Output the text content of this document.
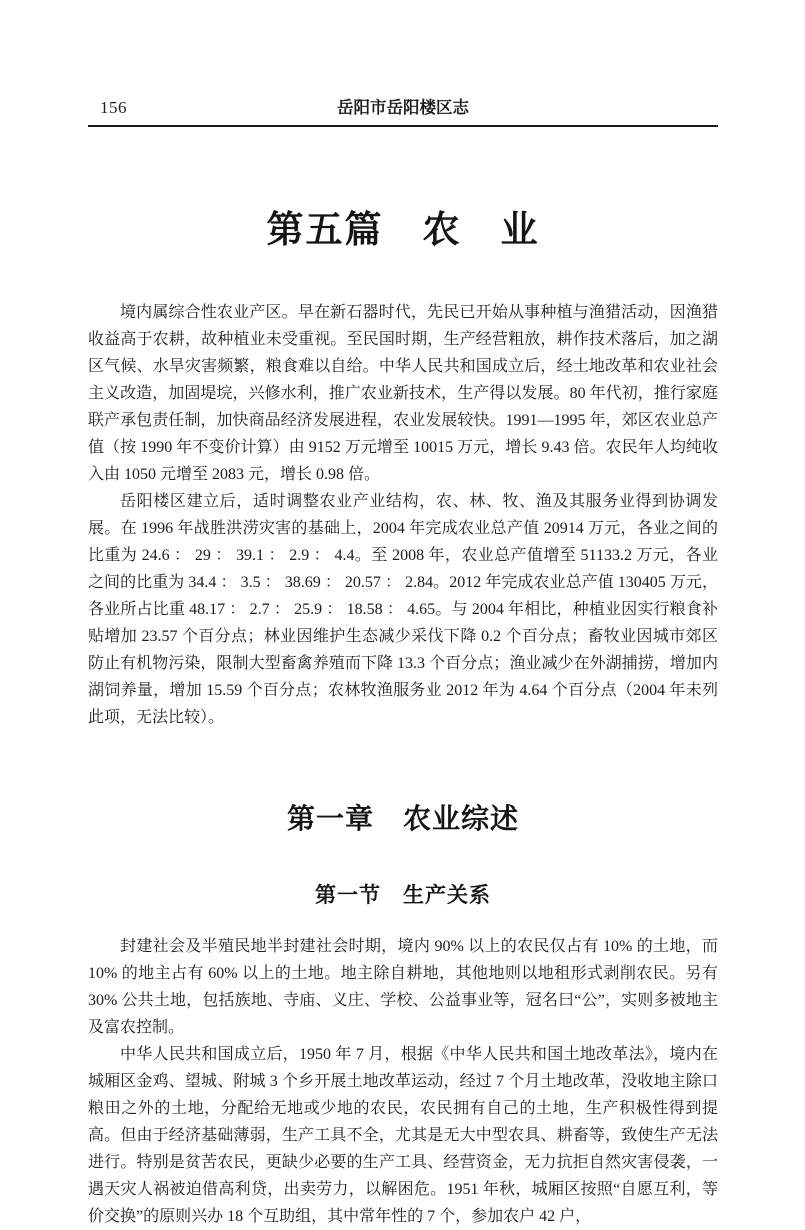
156	岳阳市岳阳楼区志
第五篇　农　业

境内属综合性农业产区。早在新石器时代，先民已开始从事种植与渔猎活动，因渔猎收益高于农耕，故种植业未受重视。至民国时期，生产经营粗放，耕作技术落后，加之湖区气候、水旱灾害频繁，粮食难以自给。中华人民共和国成立后，经土地改革和农业社会主义改造，加固堤垸，兴修水利，推广农业新技术，生产得以发展。80 年代初，推行家庭联产承包责任制，加快商品经济发展进程，农业发展较快。1991—1995 年，郊区农业总产值（按 1990 年不变价计算）由 9152 万元增至 10015 万元，增长 9.43 倍。农民年人均纯收入由 1050 元增至 2083 元，增长 0.98 倍。

岳阳楼区建立后，适时调整农业产业结构，农、林、牧、渔及其服务业得到协调发展。在 1996 年战胜洪涝灾害的基础上，2004 年完成农业总产值 20914 万元，各业之间的比重为 24.6 ： 29 ： 39.1 ： 2.9 ： 4.4。至 2008 年，农业总产值增至 51133.2 万元，各业之间的比重为 34.4 ： 3.5 ： 38.69 ： 20.57 ： 2.84。2012 年完成农业总产值 130405 万元，各业所占比重 48.17 ： 2.7 ： 25.9 ： 18.58 ： 4.65。与 2004 年相比，种植业因实行粮食补贴增加 23.57 个百分点；林业因维护生态减少采伐下降 0.2 个百分点；畜牧业因城市郊区防止有机物污染，限制大型畜禽养殖而下降 13.3 个百分点；渔业减少在外湖捕捞，增加内湖饲养量，增加 15.59 个百分点；农林牧渔服务业 2012 年为 4.64 个百分点（2004 年未列此项，无法比较）。

第一章　农业综述
第一节　生产关系

封建社会及半殖民地半封建社会时期，境内 90% 以上的农民仅占有 10% 的土地，而 10% 的地主占有 60% 以上的土地。地主除自耕地，其他地则以地租形式剥削农民。另有 30% 公共土地，包括族地、寺庙、义庄、学校、公益事业等，冠名曰“公”，实则多被地主及富农控制。

中华人民共和国成立后，1950 年 7 月，根据《中华人民共和国土地改革法》，境内在城厢区金鸡、望城、附城 3 个乡开展土地改革运动，经过 7 个月土地改革，没收地主除口粮田之外的土地，分配给无地或少地的农民，农民拥有自己的土地，生产积极性得到提高。但由于经济基础薄弱，生产工具不全，尤其是无大中型农具、耕畜等，致使生产无法进行。特别是贫苦农民，更缺少必要的生产工具、经营资金，无力抗拒自然灾害侵袭，一遇天灾人祸被迫借高利贷，出卖劳力，以解困危。1951 年秋，城厢区按照“自愿互利，等价交换”的原则兴办 18 个互助组，其中常年性的 7 个，参加农户 42 户，
